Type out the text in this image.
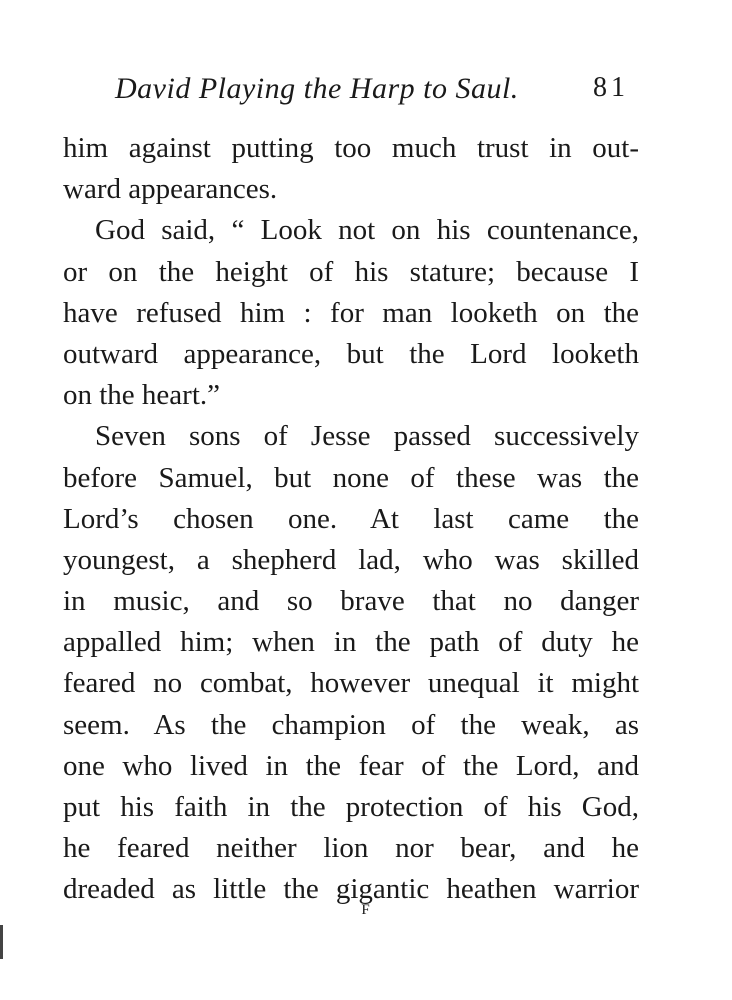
David Playing the Harp to Saul.	81
him against putting too much trust in out-
ward appearances.
God said, “ Look not on his countenance,
or on the height of his stature; because I
have refused him : for man looketh on the
outward appearance, but the Lord looketh
on the heart.”
Seven sons of Jesse passed successively
before Samuel, but none of these was the
Lord’s chosen one. At last came the
youngest, a shepherd lad, who was skilled
in music, and so brave that no danger
appalled him; when in the path of duty he
feared no combat, however unequal it might
seem. As the champion of the weak, as
one who lived in the fear of the Lord, and
put his faith in the protection of his God,
he feared neither lion nor bear, and he
dreaded as little the gigantic heathen warrior
F
